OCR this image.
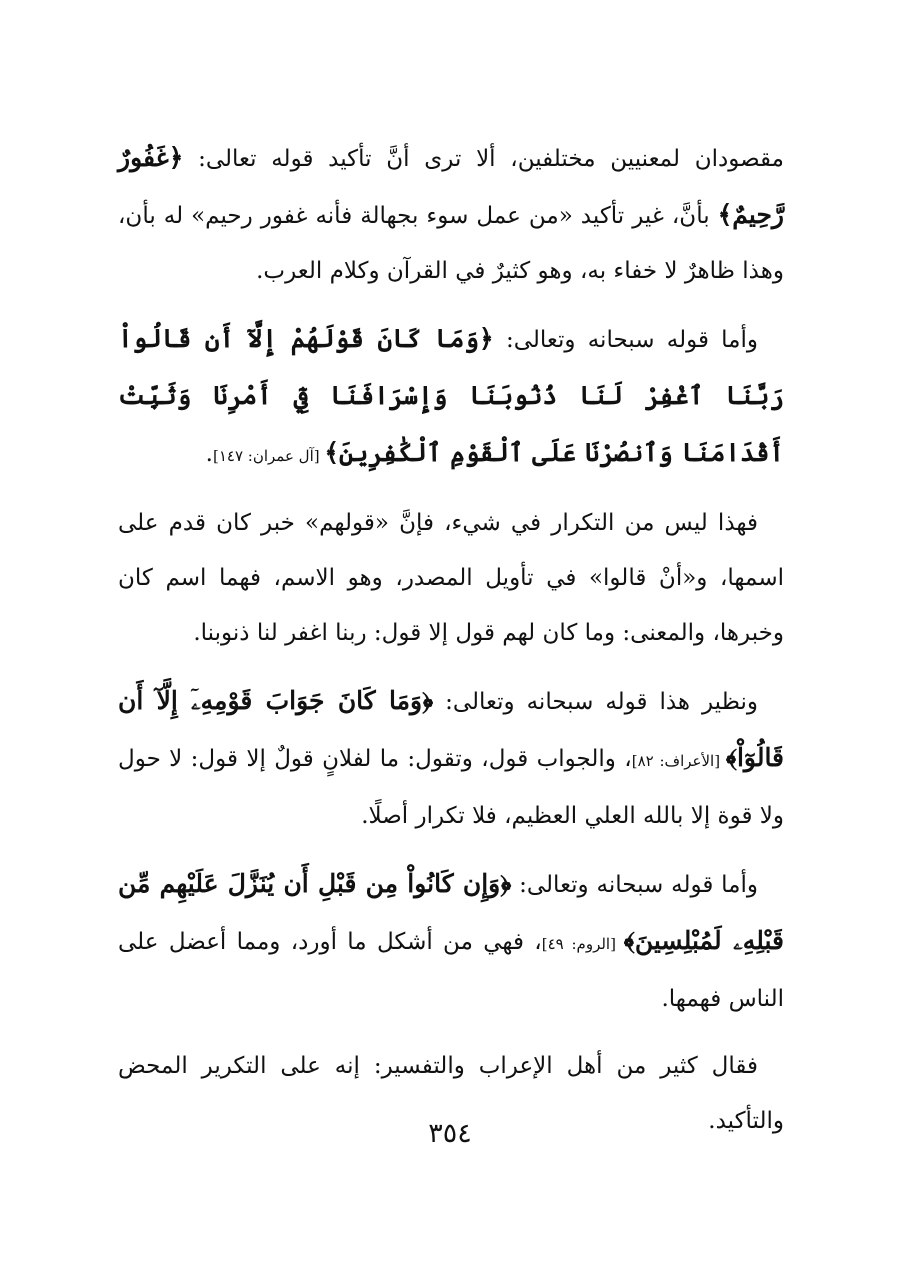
مقصودان لمعنيين مختلفين، ألا ترى أنَّ تأكيد قوله تعالى: ﴿غَفُورٌ رَّحِيمٌ﴾ بأنَّ، غير تأكيد «من عمل سوء بجهالة فأنه غفور رحيم» له بأن، وهذا ظاهرٌ لا خفاء به، وهو كثيرٌ في القرآن وكلام العرب.

وأما قوله سبحانه وتعالى: ﴿وَمَا كَانَ قَوْلَهُمْ إِلَّآ أَن قَالُواْ رَبَّنَا ٱغْفِرْ لَنَا ذُنُوبَنَا وَإِسْرَافَنَا فِيٓ أَمْرِنَا وَثَبِّتْ أَقْدَامَنَا وَٱنصُرْنَا عَلَى ٱلْقَوْمِ ٱلْكَٰفِرِينَ﴾ [آل عمران: ١٤٧].

فهذا ليس من التكرار في شيء، فإنَّ «قولهم» خبر كان قدم على اسمها، و«أنْ قالوا» في تأويل المصدر، وهو الاسم، فهما اسم كان وخبرها، والمعنى: وما كان لهم قول إلا قول: ربنا اغفر لنا ذنوبنا.

ونظير هذا قوله سبحانه وتعالى: ﴿وَمَا كَانَ جَوَابَ قَوْمِهِۦٓ إِلَّآ أَن قَالُوٓاْ﴾ [الأعراف: ٨٢]، والجواب قول، وتقول: ما لفلانٍ قولٌ إلا قول: لا حول ولا قوة إلا بالله العلي العظيم، فلا تكرار أصلًا.

وأما قوله سبحانه وتعالى: ﴿وَإِن كَانُواْ مِن قَبْلِ أَن يُنَزَّلَ عَلَيْهِم مِّن قَبْلِهِۦ لَمُبْلِسِينَ﴾ [الروم: ٤٩]، فهي من أشكل ما أورد، ومما أعضل على الناس فهمها.

فقال كثير من أهل الإعراب والتفسير: إنه على التكرير المحض والتأكيد.

٣٥٤
